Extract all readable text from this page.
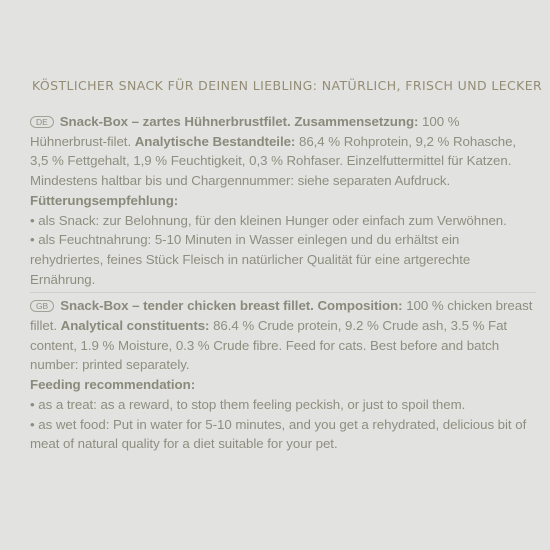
KÖSTLICHER SNACK FÜR DEINEN LIEBLING: NATÜRLICH, FRISCH UND LECKER

DE Snack-Box – zartes Hühnerbrustfilet. Zusammensetzung: 100 % Hühnerbrust-filet. Analytische Bestandteile: 86,4 % Rohprotein, 9,2 % Rohasche, 3,5 % Fettgehalt, 1,9 % Feuchtigkeit, 0,3 % Rohfaser. Einzelfuttermittel für Katzen. Mindestens haltbar bis und Chargennummer: siehe separaten Aufdruck.

Fütterungsempfehlung:

• als Snack: zur Belohnung, für den kleinen Hunger oder einfach zum Verwöhnen.

• als Feuchtnahrung: 5-10 Minuten in Wasser einlegen und du erhältst ein rehydriertes, feines Stück Fleisch in natürlicher Qualität für eine artgerechte Ernährung.

GB Snack-Box – tender chicken breast fillet. Composition: 100 % chicken breast fillet. Analytical constituents: 86.4 % Crude protein, 9.2 % Crude ash, 3.5 % Fat content, 1.9 % Moisture, 0.3 % Crude fibre. Feed for cats. Best before and batch number: printed separately.

Feeding recommendation:

• as a treat: as a reward, to stop them feeling peckish, or just to spoil them.

• as wet food: Put in water for 5-10 minutes, and you get a rehydrated, delicious bit of meat of natural quality for a diet suitable for your pet.
